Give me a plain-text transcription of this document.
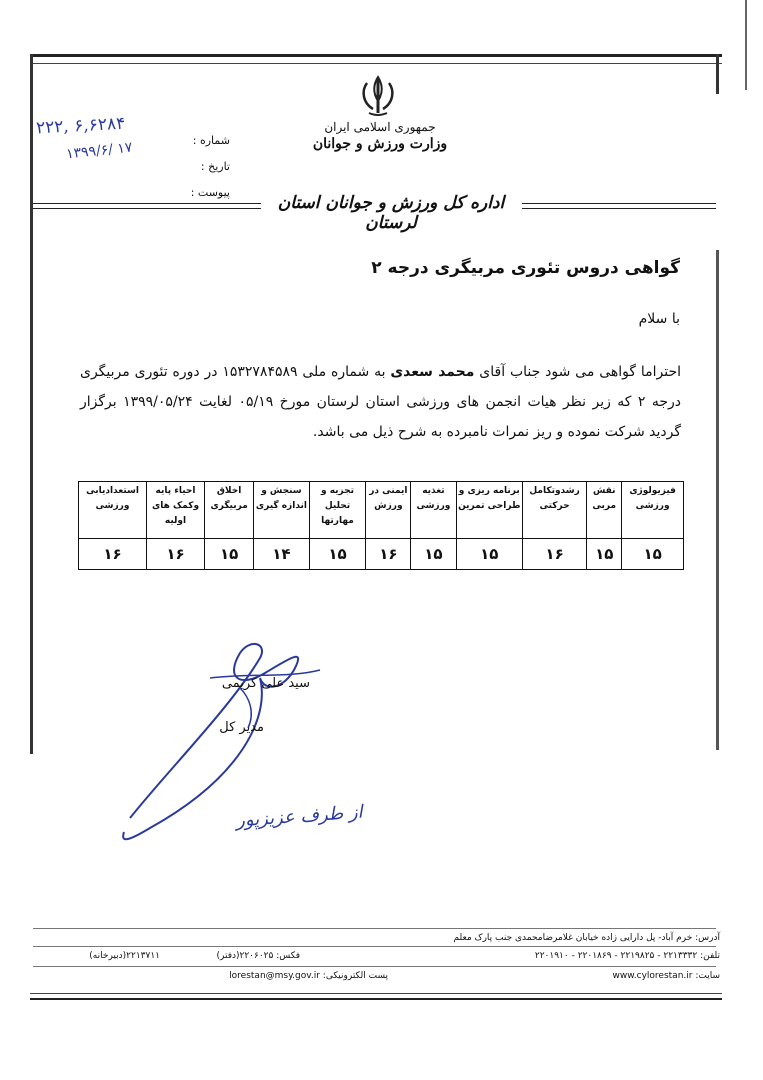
جمهوری اسلامی ایران
وزارت ورزش و جوانان
شماره :
تاریخ :
پیوست :
۲۲۲, ۶,۶۲۸۴
۱۳۹۹/۶/ ۱۷
اداره کل ورزش و جوانان استان لرستان
گواهی دروس تئوری مربیگری درجه ۲
با سلام
احتراما گواهی می شود جناب آقای محمد سعدی به شماره ملی ۱۵۳۲۷۸۴۵۸۹ در دوره تئوری مربیگری درجه ۲ که زیر نظر هیات انجمن های ورزشی استان لرستان مورخ ۰۵/۱۹ لغایت ۱۳۹۹/۰۵/۲۴ برگزار گردید شرکت نموده و ریز نمرات نامبرده به شرح ذیل می باشد.
فیزیولوژی ورزشی	نقش مربی	رشدوتکامل حرکتی	برنامه ریزی و طراحی تمرین	تغذیه ورزشی	ایمنی در ورزش	تجزیه و تحلیل مهارتها	سنجش و اندازه گیری	اخلاق مربیگری	احیاء پایه وکمک های اولیه	استعدادیابی ورزشی
۱۵	۱۵	۱۶	۱۵	۱۵	۱۶	۱۵	۱۴	۱۵	۱۶	۱۶
سید علی کریمی
مدیر کل
از طرف عزیزپور
آدرس: خرم آباد- پل دارایی زاده خیابان غلامرضامحمدی جنب پارک معلم
تلفن: ۲۲۱۳۳۳۲ - ۲۲۱۹۸۲۵ - ۲۲۰۱۸۶۹ - ۲۲۰۱۹۱۰
فکس: ۲۲۰۶۰۲۵(دفتر)
۲۲۱۳۷۱۱(دبیرخانه)
سایت: www.cylorestan.ir
پست الکترونیکی: lorestan@msy.gov.ir
